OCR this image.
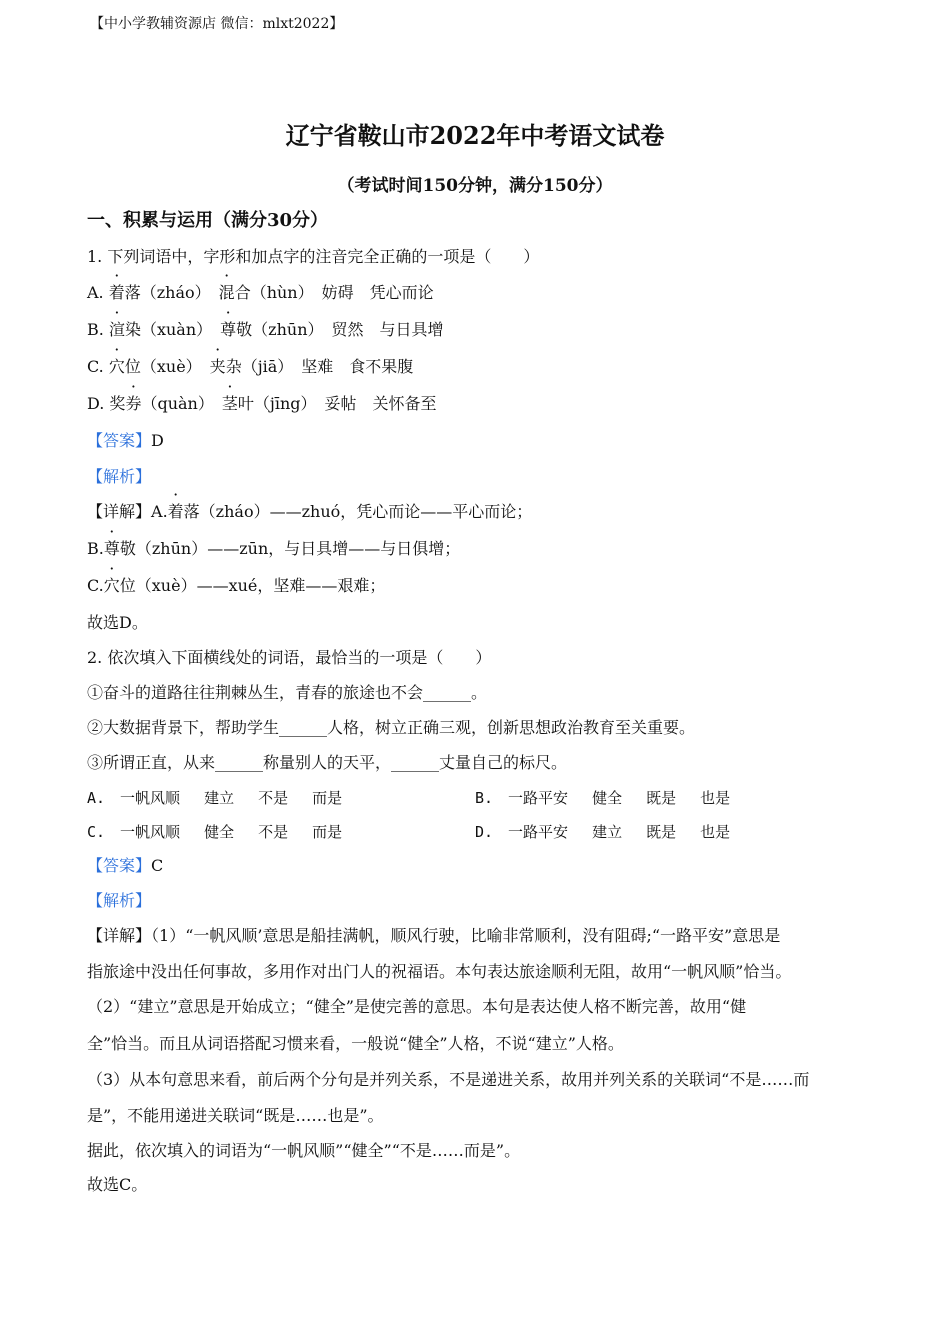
【中小学教辅资源店 微信：mlxt2022】
辽宁省鞍山市2022年中考语文试卷
（考试时间150分钟，满分150分）
一、积累与运用（满分30分）
1. 下列词语中，字形和加点字的注音完全正确的一项是（　　）
A. 着落（zháo）　混合（hùn）　妨碍　凭心而论
B. 渲染（xuàn）　尊敬（zhūn）　贸然　与日具增
C. 穴位（xuè）　夹杂（jiā）　坚难　食不果腹
D. 奖券（quàn）　茎叶（jīng）　妥帖　关怀备至
【答案】D
【解析】
【详解】A.着落（zháo）——zhuó，凭心而论——平心而论；
B.尊敬（zhūn）——zūn，与日具增——与日俱增；
C.穴位（xuè）——xué，坚难——艰难；
故选D。
2. 依次填入下面横线处的词语，最恰当的一项是（　　）
①奋斗的道路往往荆棘丛生，青春的旅途也不会______。
②大数据背景下，帮助学生______人格，树立正确三观，创新思想政治教育至关重要。
③所谓正直，从来______称量别人的天平，______丈量自己的标尺。
A.　一帆风顺　 建立　 不是　 而是	B.　一路平安　 健全　 既是　 也是
C.　一帆风顺　 健全　 不是　 而是	D.　一路平安　 建立　 既是　 也是
【答案】C
【解析】
【详解】（1）“一帆风顺’意思是船挂满帆，顺风行驶，比喻非常顺利，没有阻碍;“一路平安”意思是
指旅途中没出任何事故，多用作对出门人的祝福语。本句表达旅途顺利无阻，故用“一帆风顺”恰当。
（2）“建立”意思是开始成立；“健全”是使完善的意思。本句是表达使人格不断完善，故用“健
全”恰当。而且从词语搭配习惯来看，一般说“健全”人格，不说“建立”人格。
（3）从本句意思来看，前后两个分句是并列关系，不是递进关系，故用并列关系的关联词“不是……而
是”，不能用递进关联词“既是……也是”。
据此，依次填入的词语为“一帆风顺”“健全”“不是……而是”。
故选C。
